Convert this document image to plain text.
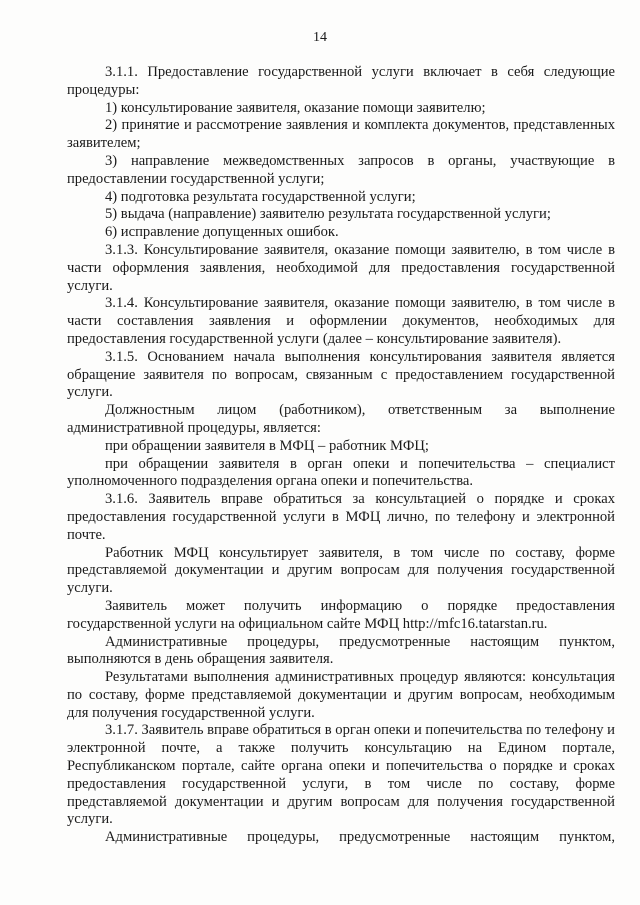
14

3.1.1. Предоставление государственной услуги включает в себя следующие процедуры:

1) консультирование заявителя, оказание помощи заявителю;

2) принятие и рассмотрение заявления и комплекта документов, представленных заявителем;

3) направление межведомственных запросов в органы, участвующие в предоставлении государственной услуги;

4) подготовка результата государственной услуги;

5) выдача (направление) заявителю результата государственной услуги;

6) исправление допущенных ошибок.

3.1.3. Консультирование заявителя, оказание помощи заявителю, в том числе в части оформления заявления, необходимой для предоставления государственной услуги.

3.1.4. Консультирование заявителя, оказание помощи заявителю, в том числе в части составления заявления и оформлении документов, необходимых для предоставления государственной услуги (далее – консультирование заявителя).

3.1.5. Основанием начала выполнения консультирования заявителя является обращение заявителя по вопросам, связанным с предоставлением государственной услуги.

Должностным лицом (работником), ответственным за выполнение административной процедуры, является:

при обращении заявителя в МФЦ – работник МФЦ;

при обращении заявителя в орган опеки и попечительства – специалист уполномоченного подразделения органа опеки и попечительства.

3.1.6. Заявитель вправе обратиться за консультацией о порядке и сроках предоставления государственной услуги в МФЦ лично, по телефону и электронной почте.

Работник МФЦ консультирует заявителя, в том числе по составу, форме представляемой документации и другим вопросам для получения государственной услуги.

Заявитель может получить информацию о порядке предоставления государственной услуги на официальном сайте МФЦ http://mfc16.tatarstan.ru.

Административные процедуры, предусмотренные настоящим пунктом, выполняются в день обращения заявителя.

Результатами выполнения административных процедур являются: консультация по составу, форме представляемой документации и другим вопросам, необходимым для получения государственной услуги.

3.1.7. Заявитель вправе обратиться в орган опеки и попечительства по телефону и электронной почте, а также получить консультацию на Едином портале, Республиканском портале, сайте органа опеки и попечительства о порядке и сроках предоставления государственной услуги, в том числе по составу, форме представляемой документации и другим вопросам для получения государственной услуги.

Административные процедуры, предусмотренные настоящим пунктом,
